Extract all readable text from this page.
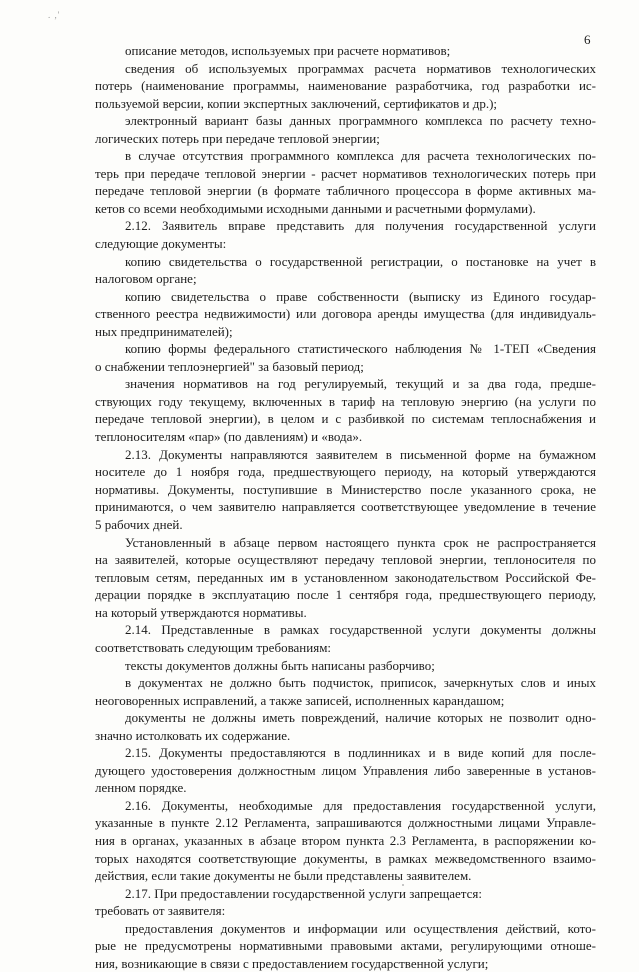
. ,'
6
описание методов, используемых при расчете нормативов;
сведения об используемых программах расчета нормативов технологических
потерь (наименование программы, наименование разработчика, год разработки ис-
пользуемой версии, копии экспертных заключений, сертификатов и др.);
электронный вариант базы данных программного комплекса по расчету техно-
логических потерь при передаче тепловой энергии;
в случае отсутствия программного комплекса для расчета технологических по-
терь при передаче тепловой энергии - расчет нормативов технологических потерь при
передаче тепловой энергии (в формате табличного процессора в форме активных ма-
кетов со всеми необходимыми исходными данными и расчетными формулами).
2.12. Заявитель вправе представить для получения государственной услуги
следующие документы:
копию свидетельства о государственной регистрации, о постановке на учет в
налоговом органе;
копию свидетельства о праве собственности (выписку из Единого государ-
ственного реестра недвижимости) или договора аренды имущества (для индивидуаль-
ных предпринимателей);
копию формы федерального статистического наблюдения № 1-ТЕП «Сведения
о снабжении теплоэнергией" за базовый период;
значения нормативов на год регулируемый, текущий и за два года, предше-
ствующих году текущему, включенных в тариф на тепловую энергию (на услуги по
передаче тепловой энергии), в целом и с разбивкой по системам теплоснабжения и
теплоносителям «пар» (по давлениям) и «вода».
2.13. Документы направляются заявителем в письменной форме на бумажном
носителе до 1 ноября года, предшествующего периоду, на который утверждаются
нормативы. Документы, поступившие в Министерство после указанного срока, не
принимаются, о чем заявителю направляется соответствующее уведомление в течение
5 рабочих дней.
Установленный в абзаце первом настоящего пункта срок не распространяется
на заявителей, которые осуществляют передачу тепловой энергии, теплоносителя по
тепловым сетям, переданных им в установленном законодательством Российской Фе-
дерации порядке в эксплуатацию после 1 сентября года, предшествующего периоду,
на который утверждаются нормативы.
2.14. Представленные в рамках государственной услуги документы должны
соответствовать следующим требованиям:
тексты документов должны быть написаны разборчиво;
в документах не должно быть подчисток, приписок, зачеркнутых слов и иных
неоговоренных исправлений, а также записей, исполненных карандашом;
документы не должны иметь повреждений, наличие которых не позволит одно-
значно истолковать их содержание.
2.15. Документы предоставляются в подлинниках и в виде копий для после-
дующего удостоверения должностным лицом Управления либо заверенные в установ-
ленном порядке.
2.16. Документы, необходимые для предоставления государственной услуги,
указанные в пункте 2.12 Регламента, запрашиваются должностными лицами Управле-
ния в органах, указанных в абзаце втором пункта 2.3 Регламента, в распоряжении ко-
торых находятся соответствующие документы, в рамках межведомственного взаимо-
действия, если такие документы не были представлены заявителем.
2.17. При предоставлении государственной услуги запрещается:
требовать от заявителя:
предоставления документов и информации или осуществления действий, кото-
рые не предусмотрены нормативными правовыми актами, регулирующими отноше-
ния, возникающие в связи с предоставлением государственной услуги;
